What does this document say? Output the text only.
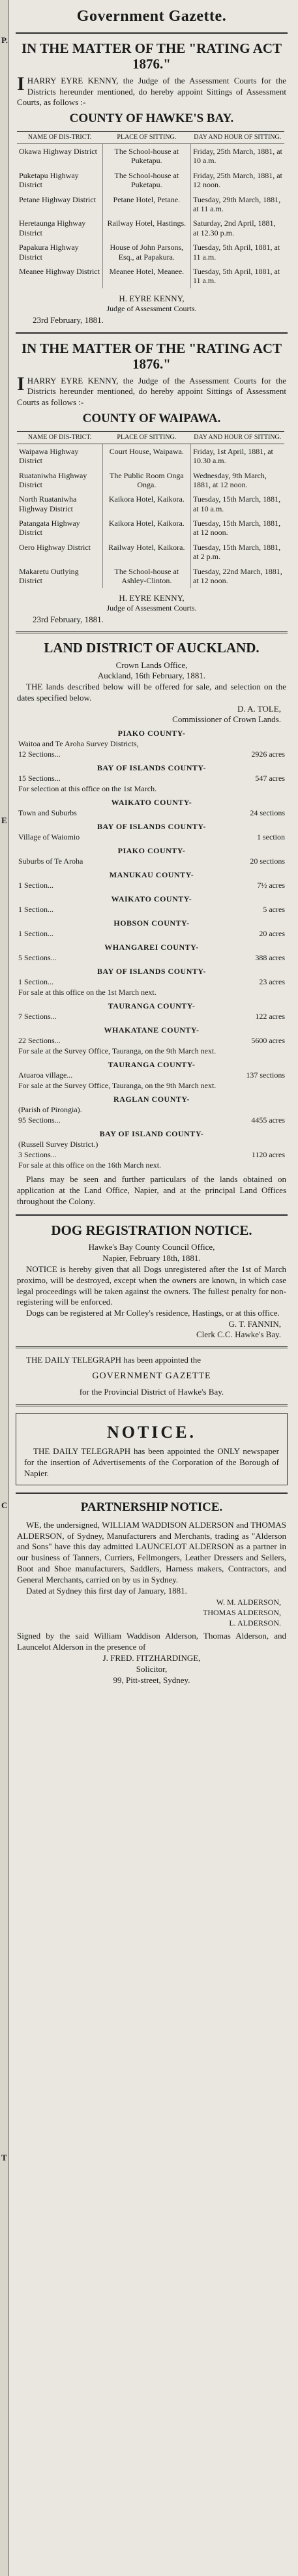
P.
E
C
T
Government Gazette.
IN THE MATTER OF THE "RATING ACT 1876."

IHARRY EYRE KENNY, the Judge of the Assessment Courts for the Districts hereunder mentioned, do hereby appoint Sittings of Assessment Courts, as follows :-

COUNTY OF HAWKE'S BAY.
NAME OF DIS-TRICT.	PLACE OF SITTING.	DAY AND HOUR OF SITTING.
Okawa Highway District	The School-house at Puketapu.	Friday, 25th March, 1881, at 10 a.m.
Puketapu Highway District	The School-house at Puketapu.	Friday, 25th March, 1881, at 12 noon.
Petane Highway District	Petane Hotel, Petane.	Tuesday, 29th March, 1881, at 11 a.m.
Heretaunga Highway District	Railway Hotel, Hastings.	Saturday, 2nd April, 1881, at 12.30 p.m.
Papakura Highway District	House of John Parsons, Esq., at Papakura.	Tuesday, 5th April, 1881, at 11 a.m.
Meanee Highway District	Meanee Hotel, Meanee.	Tuesday, 5th April, 1881, at 11 a.m.
H. EYRE KENNY,
Judge of Assessment Courts.
23rd February, 1881.
IN THE MATTER OF THE "RATING ACT 1876."

IHARRY EYRE KENNY, the Judge of the Assessment Courts for the Districts hereunder mentioned, do hereby appoint Sittings of Assessment Courts as follows :-

COUNTY OF WAIPAWA.
NAME OF DIS-TRICT.	PLACE OF SITTING.	DAY AND HOUR OF SITTING.
Waipawa Highway District	Court House, Waipawa.	Friday, 1st April, 1881, at 10.30 a.m.
Ruataniwha Highway District	The Public Room Onga Onga.	Wednesday, 9th March, 1881, at 12 noon.
North Ruataniwha Highway District	Kaikora Hotel, Kaikora.	Tuesday, 15th March, 1881, at 10 a.m.
Patangata Highway District	Kaikora Hotel, Kaikora.	Tuesday, 15th March, 1881, at 12 noon.
Oero Highway District	Railway Hotel, Kaikora.	Tuesday, 15th March, 1881, at 2 p.m.
Makaretu Outlying District	The School-house at Ashley-Clinton.	Tuesday, 22nd March, 1881, at 12 noon.
H. EYRE KENNY,
Judge of Assessment Courts.
23rd February, 1881.
LAND DISTRICT OF AUCKLAND.
Crown Lands Office,
Auckland, 16th February, 1881.

THE lands described below will be offered for sale, and selection on the dates specified below.

D. A. TOLE,
Commissioner of Crown Lands.
PIAKO COUNTY-
Waitoa and Te Aroha Survey Districts,
12 Sections...	2926 acres
BAY OF ISLANDS COUNTY-
15 Sections...	547 acres
For selection at this office on the 1st March.
WAIKATO COUNTY-
Town and Suburbs	24 sections
BAY OF ISLANDS COUNTY-
Village of Waiomio	1 section
PIAKO COUNTY-
Suburbs of Te Aroha	20 sections
MANUKAU COUNTY-
1 Section...	7½ acres
WAIKATO COUNTY-
1 Section...	5 acres
HOBSON COUNTY-
1 Section...	20 acres
WHANGAREI COUNTY-
5 Sections...	388 acres
BAY OF ISLANDS COUNTY-
1 Section...	23 acres
For sale at this office on the 1st March next.
TAURANGA COUNTY-
7 Sections...	122 acres
WHAKATANE COUNTY-
22 Sections...	5600 acres
For sale at the Survey Office, Tauranga, on the 9th March next.
TAURANGA COUNTY-
Atuaroa village...	137 sections
For sale at the Survey Office, Tauranga, on the 9th March next.
RAGLAN COUNTY-
(Parish of Pirongia).
95 Sections...	4455 acres
BAY OF ISLAND COUNTY-
(Russell Survey District.)
3 Sections...	1120 acres
For sale at this office on the 16th March next.

Plans may be seen and further particulars of the lands obtained on application at the Land Office, Napier, and at the principal Land Offices throughout the Colony.

DOG REGISTRATION NOTICE.
Hawke's Bay County Council Office,
Napier, February 18th, 1881.

NOTICE is hereby given that all Dogs unregistered after the 1st of March proximo, will be destroyed, except when the owners are known, in which case legal proceedings will be taken against the owners. The fullest penalty for non-registering will be enforced.

Dogs can be registered at Mr Colley's residence, Hastings, or at this office.

G. T. FANNIN,
Clerk C.C. Hawke's Bay.

THE DAILY TELEGRAPH has been appointed the

GOVERNMENT GAZETTE
for the Provincial District of Hawke's Bay.
NOTICE.

THE DAILY TELEGRAPH has been appointed the ONLY newspaper for the insertion of Advertisements of the Corporation of the Borough of Napier.

PARTNERSHIP NOTICE.

WE, the undersigned, WILLIAM WADDISON ALDERSON and THOMAS ALDERSON, of Sydney, Manufacturers and Merchants, trading as "Alderson and Sons" have this day admitted LAUNCELOT ALDERSON as a partner in our business of Tanners, Curriers, Fellmongers, Leather Dressers and Sellers, Boot and Shoe manufacturers, Saddlers, Harness makers, Contractors, and General Merchants, carried on by us in Sydney.

Dated at Sydney this first day of January, 1881.

W. M. ALDERSON,
THOMAS ALDERSON,
L. ALDERSON.

Signed by the said William Waddison Alderson, Thomas Alderson, and Launcelot Alderson in the presence of

J. FRED. FITZHARDINGE,
Solicitor,
99, Pitt-street, Sydney.
